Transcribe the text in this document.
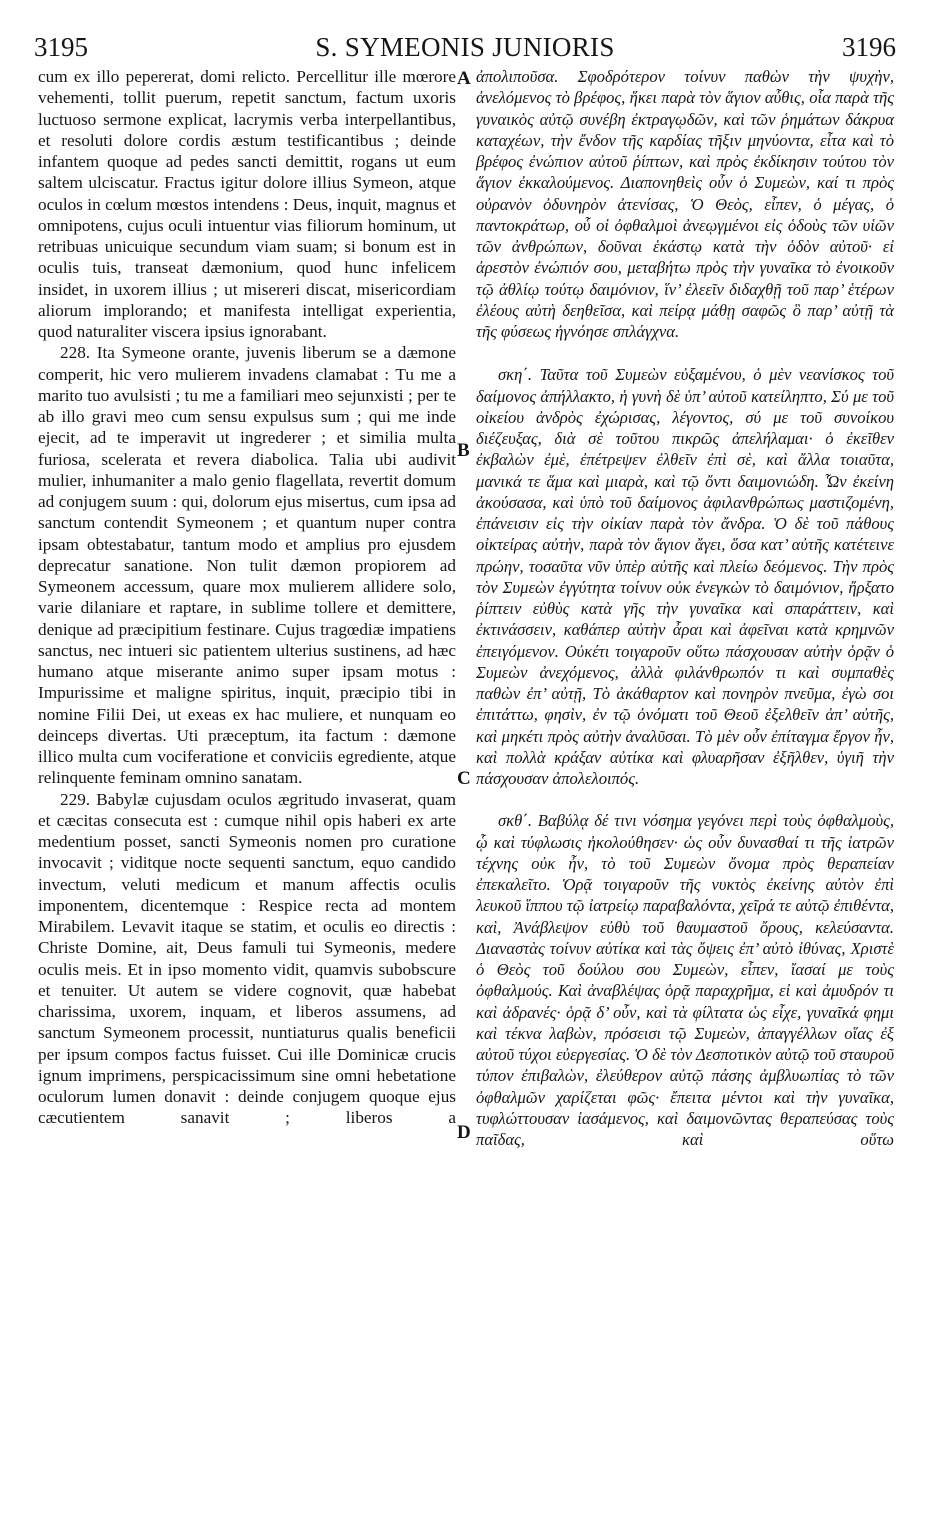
3195	S. SYMEONIS JUNIORIS	3196

cum ex illo pepererat, domi relicto. Percellitur ille mœrore vehementi, tollit puerum, repetit sanctum, factum uxoris luctuoso sermone explicat, lacrymis verba interpellantibus, et resoluti dolore cordis æstum testificantibus ; deinde infantem quoque ad pedes sancti demittit, rogans ut eum saltem ulciscatur. Fractus igitur dolore illius Symeon, atque oculos in cœlum mœstos intendens : Deus, inquit, magnus et omnipotens, cujus oculi intuentur vias filiorum hominum, ut retribuas unicuique secundum viam suam; si bonum est in oculis tuis, transeat dæmonium, quod hunc infelicem insidet, in uxorem illius ; ut misereri discat, misericordiam aliorum implorando; et manifesta intelligat experientia, quod naturaliter viscera ipsius ignorabant.

228. Ita Symeone orante, juvenis liberum se a dæmone comperit, hic vero mulierem invadens clamabat : Tu me a marito tuo avulsisti ; tu me a familiari meo sejunxisti ; per te ab illo gravi meo cum sensu expulsus sum ; qui me inde ejecit, ad te imperavit ut ingrederer ; et similia multa furiosa, scelerata et revera diabolica. Talia ubi audivit mulier, inhumaniter a malo genio flagellata, revertit domum ad conjugem suum : qui, dolorum ejus misertus, cum ipsa ad sanctum contendit Symeonem ; et quantum nuper contra ipsam obtestabatur, tantum modo et amplius pro ejusdem deprecatur sanatione. Non tulit dæmon propiorem ad Symeonem accessum, quare mox mulierem allidere solo, varie dilaniare et raptare, in sublime tollere et demittere, denique ad præcipitium festinare. Cujus tragœdiæ impatiens sanctus, nec intueri sic patientem ulterius sustinens, ad hæc humano atque miserante animo super ipsam motus : Impurissime et maligne spiritus, inquit, præcipio tibi in nomine Filii Dei, ut exeas ex hac muliere, et nunquam eo deinceps divertas. Uti præceptum, ita factum : dæmone illico multa cum vociferatione et conviciis egrediente, atque relinquente feminam omnino sanatam.

229. Babylæ cujusdam oculos ægritudo invaserat, quam et cæcitas consecuta est : cumque nihil opis haberi ex arte medentium posset, sancti Symeonis nomen pro curatione invocavit ; viditque nocte sequenti sanctum, equo candido invectum, veluti medicum et manum affectis oculis imponentem, dicentemque : Respice recta ad montem Mirabilem. Levavit itaque se statim, et oculis eo directis : Christe Domine, ait, Deus famuli tui Symeonis, medere oculis meis. Et in ipso momento vidit, quamvis subobscure et tenuiter. Ut autem se videre cognovit, quæ habebat charissima, uxorem, inquam, et liberos assumens, ad sanctum Symeonem processit, nuntiaturus qualis beneficii per ipsum compos factus fuisset. Cui ille Dominicæ crucis ignum imprimens, perspicacissimum sine omni hebetatione oculorum lumen donavit : deinde conjugem quoque ejus cæcutientem sanavit ; liberos a

A
B
C
D

ἀπολιποῦσα. Σφοδρότερον τοίνυν παθὼν τὴν ψυχὴν, ἀνελόμενος τὸ βρέφος, ἥκει παρὰ τὸν ἅγιον αὖθις, οἷα παρὰ τῆς γυναικὸς αὐτῷ συνέβη ἐκτραγῳδῶν, καὶ τῶν ῥημάτων δάκρυα καταχέων, τὴν ἔνδον τῆς καρδίας τῆξιν μηνύοντα, εἶτα καὶ τὸ βρέφος ἐνώπιον αὐτοῦ ῥίπτων, καὶ πρὸς ἐκδίκησιν τούτου τὸν ἅγιον ἐκκαλούμενος. Διαπονηθεὶς οὖν ὁ Συμεὼν, καί τι πρὸς οὐρανὸν ὀδυνηρὸν ἀτενίσας, Ὁ Θεὸς, εἶπεν, ὁ μέγας, ὁ παντοκράτωρ, οὗ οἱ ὀφθαλμοὶ ἀνεῳγμένοι εἰς ὁδοὺς τῶν υἱῶν τῶν ἀνθρώπων, δοῦναι ἑκάστῳ κατὰ τὴν ὁδὸν αὐτοῦ· εἰ ἀρεστὸν ἐνώπιόν σου, μεταβήτω πρὸς τὴν γυναῖκα τὸ ἐνοικοῦν τῷ ἀθλίῳ τούτῳ δαιμόνιον, ἵν’ ἐλεεῖν διδαχθῇ τοῦ παρ’ ἑτέρων ἐλέους αὐτὴ δεηθεῖσα, καὶ πείρᾳ μάθῃ σαφῶς ὃ παρ’ αὐτῇ τὰ τῆς φύσεως ἠγνόησε σπλάγχνα.

σκη΄. Ταῦτα τοῦ Συμεὼν εὐξαμένου, ὁ μὲν νεανίσκος τοῦ δαίμονος ἀπήλλακτο, ἡ γυνὴ δὲ ὑπ’ αὐτοῦ κατείληπτο, Σύ με τοῦ οἰκείου ἀνδρὸς ἐχώρισας, λέγοντος, σύ με τοῦ συνοίκου διέζευξας, διὰ σὲ τοῦτου πικρῶς ἀπελήλαμαι· ὁ ἐκεῖθεν ἐκβαλὼν ἐμὲ, ἐπέτρεψεν ἐλθεῖν ἐπὶ σὲ, καὶ ἄλλα τοιαῦτα, μανικά τε ἅμα καὶ μιαρὰ, καὶ τῷ ὄντι δαιμονιώδη. Ὧν ἐκείνη ἀκούσασα, καὶ ὑπὸ τοῦ δαίμονος ἀφιλανθρώπως μαστιζομένη, ἐπάνεισιν εἰς τὴν οἰκίαν παρὰ τὸν ἄνδρα. Ὁ δὲ τοῦ πάθους οἰκτείρας αὐτὴν, παρὰ τὸν ἅγιον ἄγει, ὅσα κατ’ αὐτῆς κατέτεινε πρώην, τοσαῦτα νῦν ὑπὲρ αὐτῆς καὶ πλείω δεόμενος. Τὴν πρὸς τὸν Συμεὼν ἐγγύτητα τοίνυν οὐκ ἐνεγκὼν τὸ δαιμόνιον, ἤρξατο ῥίπτειν εὐθὺς κατὰ γῆς τὴν γυναῖκα καὶ σπαράττειν, καὶ ἐκτινάσσειν, καθάπερ αὐτὴν ἆραι καὶ ἀφεῖναι κατὰ κρημνῶν ἐπειγόμενον. Οὐκέτι τοιγαροῦν οὕτω πάσχουσαν αὐτὴν ὁρᾷν ὁ Συμεὼν ἀνεχόμενος, ἀλλὰ φιλάνθρωπόν τι καὶ συμπαθὲς παθὼν ἐπ’ αὐτῇ, Τὸ ἀκάθαρτον καὶ πονηρὸν πνεῦμα, ἐγὼ σοι ἐπιτάττω, φησὶν, ἐν τῷ ὀνόματι τοῦ Θεοῦ ἐξελθεῖν ἀπ’ αὐτῆς, καὶ μηκέτι πρὸς αὐτὴν ἀναλῦσαι. Τὸ μὲν οὖν ἐπίταγμα ἔργον ἦν, καὶ πολλὰ κράξαν αὐτίκα καὶ φλυαρῆσαν ἐξῆλθεν, ὑγιῆ τὴν πάσχουσαν ἀπολελοιπός.

σκθ΄. Βαβύλᾳ δέ τινι νόσημα γεγόνει περὶ τοὺς ὀφθαλμοὺς, ᾧ καὶ τύφλωσις ἠκολούθησεν· ὡς οὖν δυνασθαί τι τῆς ἰατρῶν τέχνης οὐκ ἦν, τὸ τοῦ Συμεὼν ὄνομα πρὸς θεραπείαν ἐπεκαλεῖτο. Ὁρᾷ τοιγαροῦν τῆς νυκτὸς ἐκείνης αὐτὸν ἐπὶ λευκοῦ ἵππου τῷ ἰατρείῳ παραβαλόντα, χεῖρά τε αὐτῷ ἐπιθέντα, καὶ, Ἀνάβλεψον εὐθὺ τοῦ θαυμαστοῦ ὄρους, κελεύσαντα. Διαναστὰς τοίνυν αὐτίκα καὶ τὰς ὄψεις ἐπ’ αὐτὸ ἰθύνας, Χριστὲ ὁ Θεὸς τοῦ δούλου σου Συμεὼν, εἶπεν, ἴασαί με τοὺς ὀφθαλμούς. Καὶ ἀναβλέψας ὁρᾷ παραχρῆμα, εἰ καὶ ἀμυδρόν τι καὶ ἀδρανές· ὁρᾷ δ’ οὖν, καὶ τὰ φίλτατα ὡς εἶχε, γυναῖκά φημι καὶ τέκνα λαβὼν, πρόσεισι τῷ Συμεὼν, ἀπαγγέλλων οἵας ἐξ αὐτοῦ τύχοι εὐεργεσίας. Ὁ δὲ τὸν Δεσποτικὸν αὐτῷ τοῦ σταυροῦ τύπον ἐπιβαλὼν, ἐλεύθερον αὐτῷ πάσης ἀμβλυωπίας τὸ τῶν ὀφθαλμῶν χαρίζεται φῶς· ἔπειτα μέντοι καὶ τὴν γυναῖκα, τυφλώττουσαν ἰασάμενος, καὶ δαιμονῶντας θεραπεύσας τοὺς παῖδας, καὶ οὕτω
